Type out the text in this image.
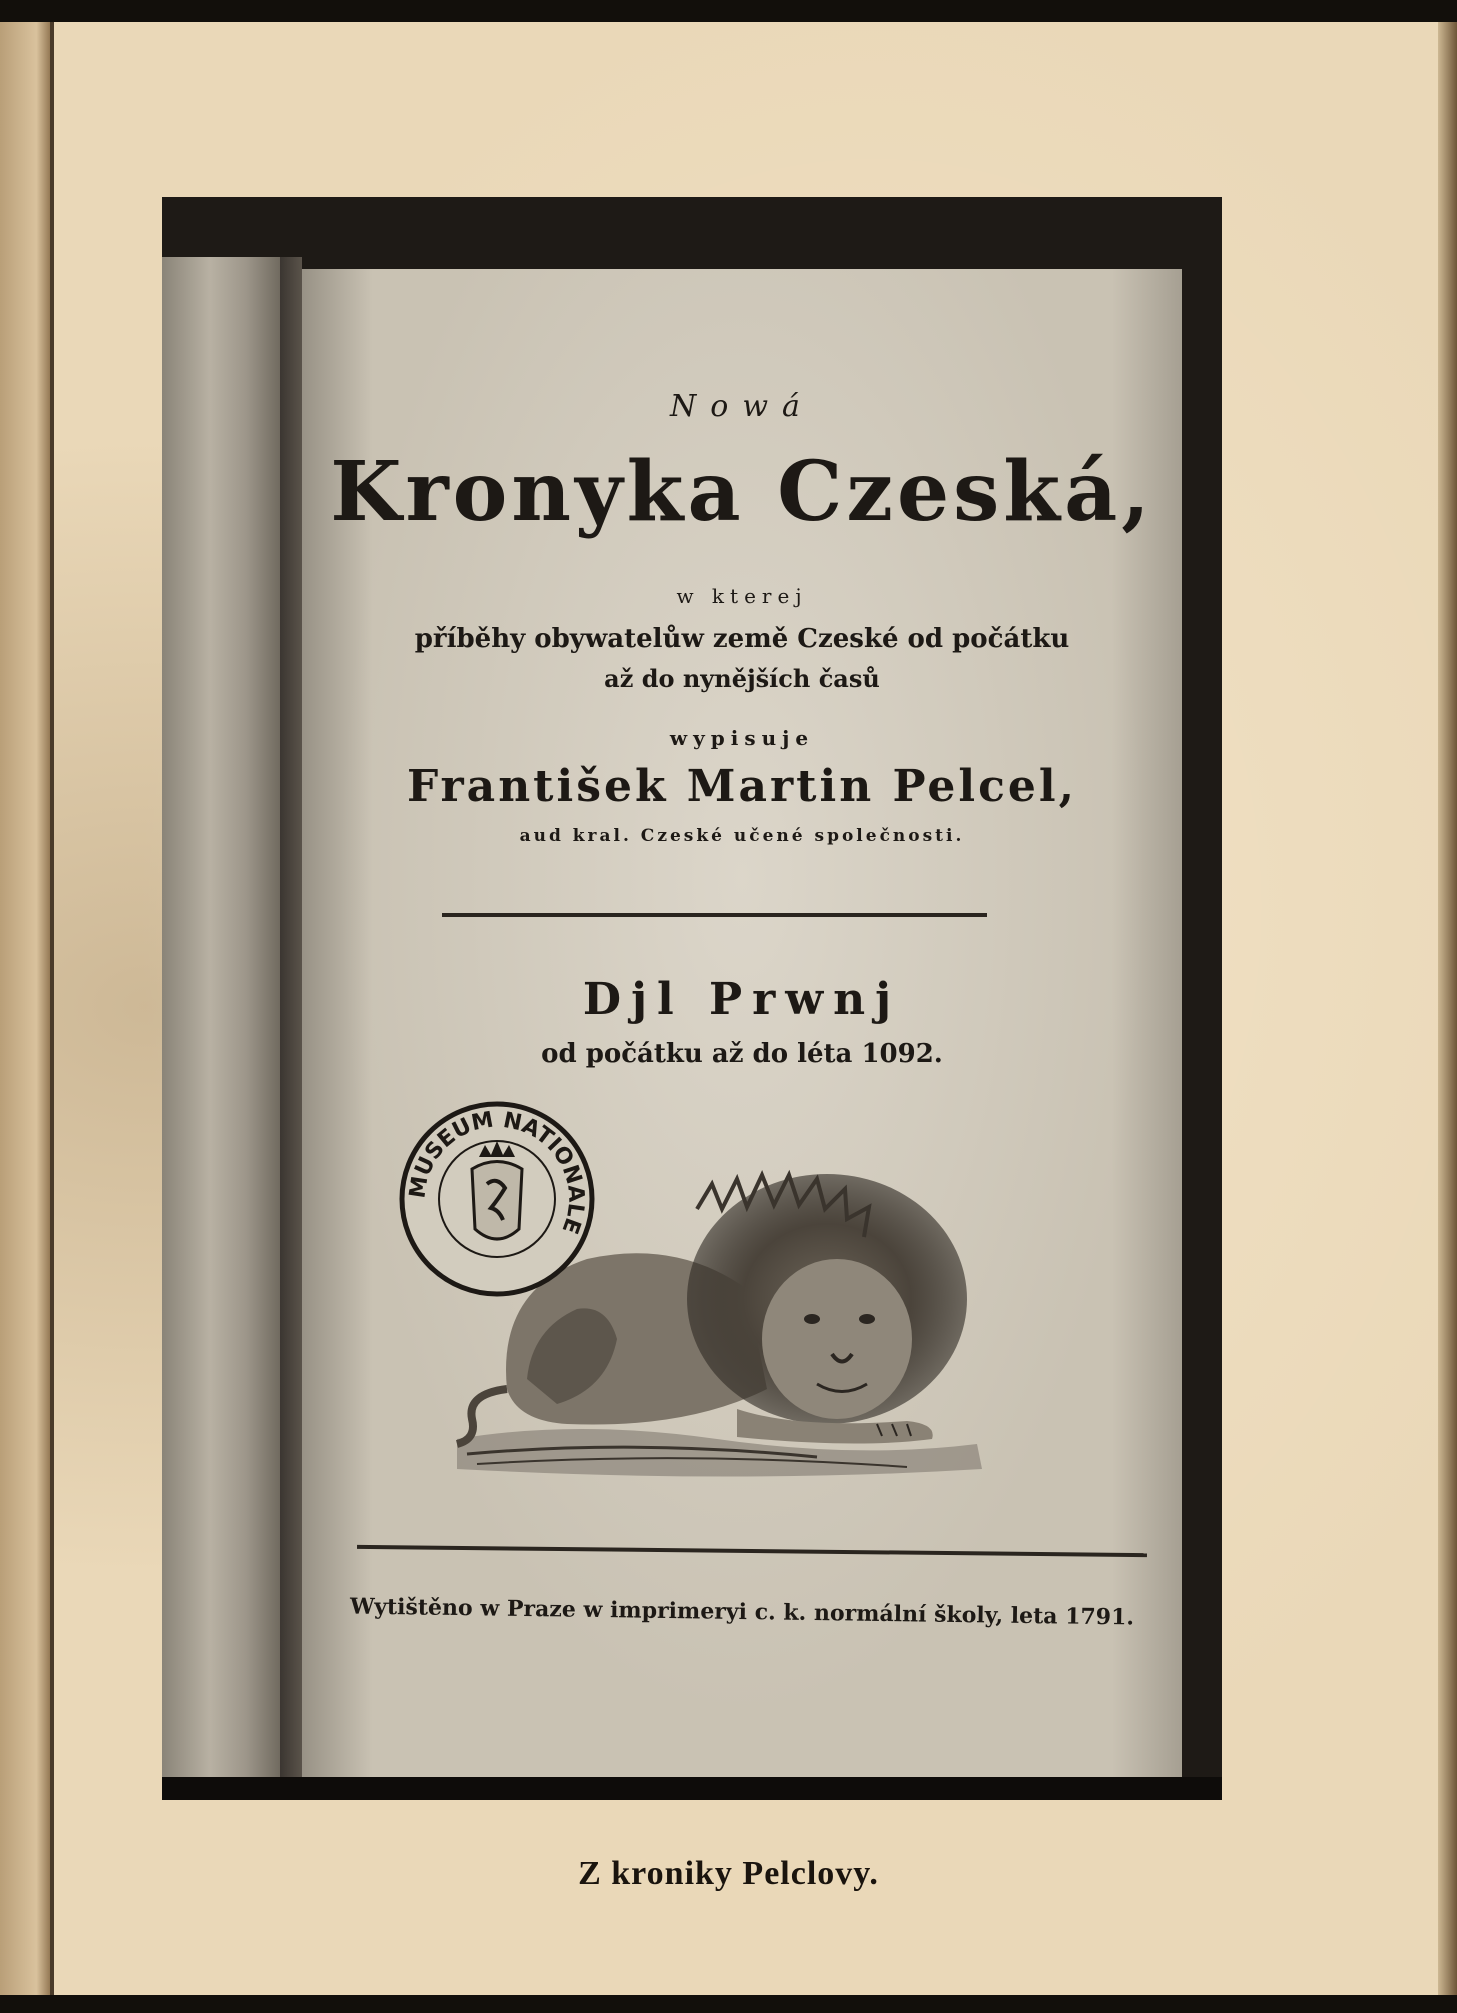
Nowá
Kronyka Czeská,
w kterej
příběhy obywatelůw země Czeské od počátku
až do nynějších časů
wypisuje
František Martin Pelcel,
aud kral. Czeské učené společnosti.
Djl Prwnj
od počátku až do léta 1092.
MUSEUM NATIONALE
Wytištěno w Praze w imprimeryi c. k. normální školy, leta 1791.
Z kroniky Pelclovy.
